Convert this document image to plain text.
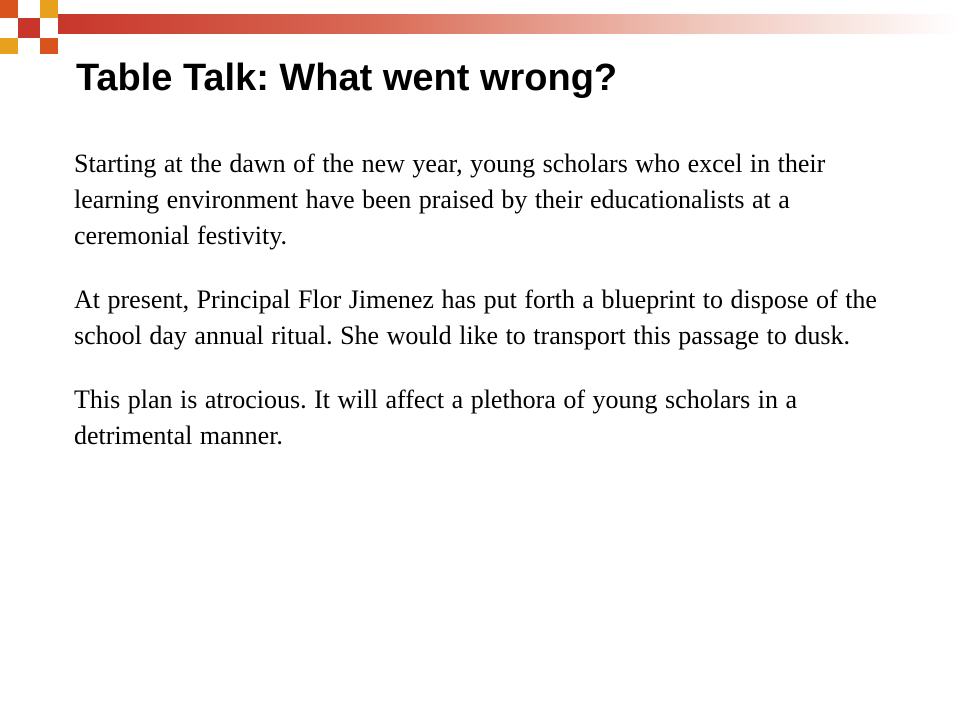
Table Talk: What went wrong?

Starting at the dawn of the new year, young scholars who excel in their learning environment have been praised by their educationalists at a ceremonial festivity.

At present, Principal Flor Jimenez has put forth a blueprint to dispose of the school day annual ritual. She would like to transport this passage to dusk.

This plan is atrocious. It will affect a plethora of young scholars in a detrimental manner.
